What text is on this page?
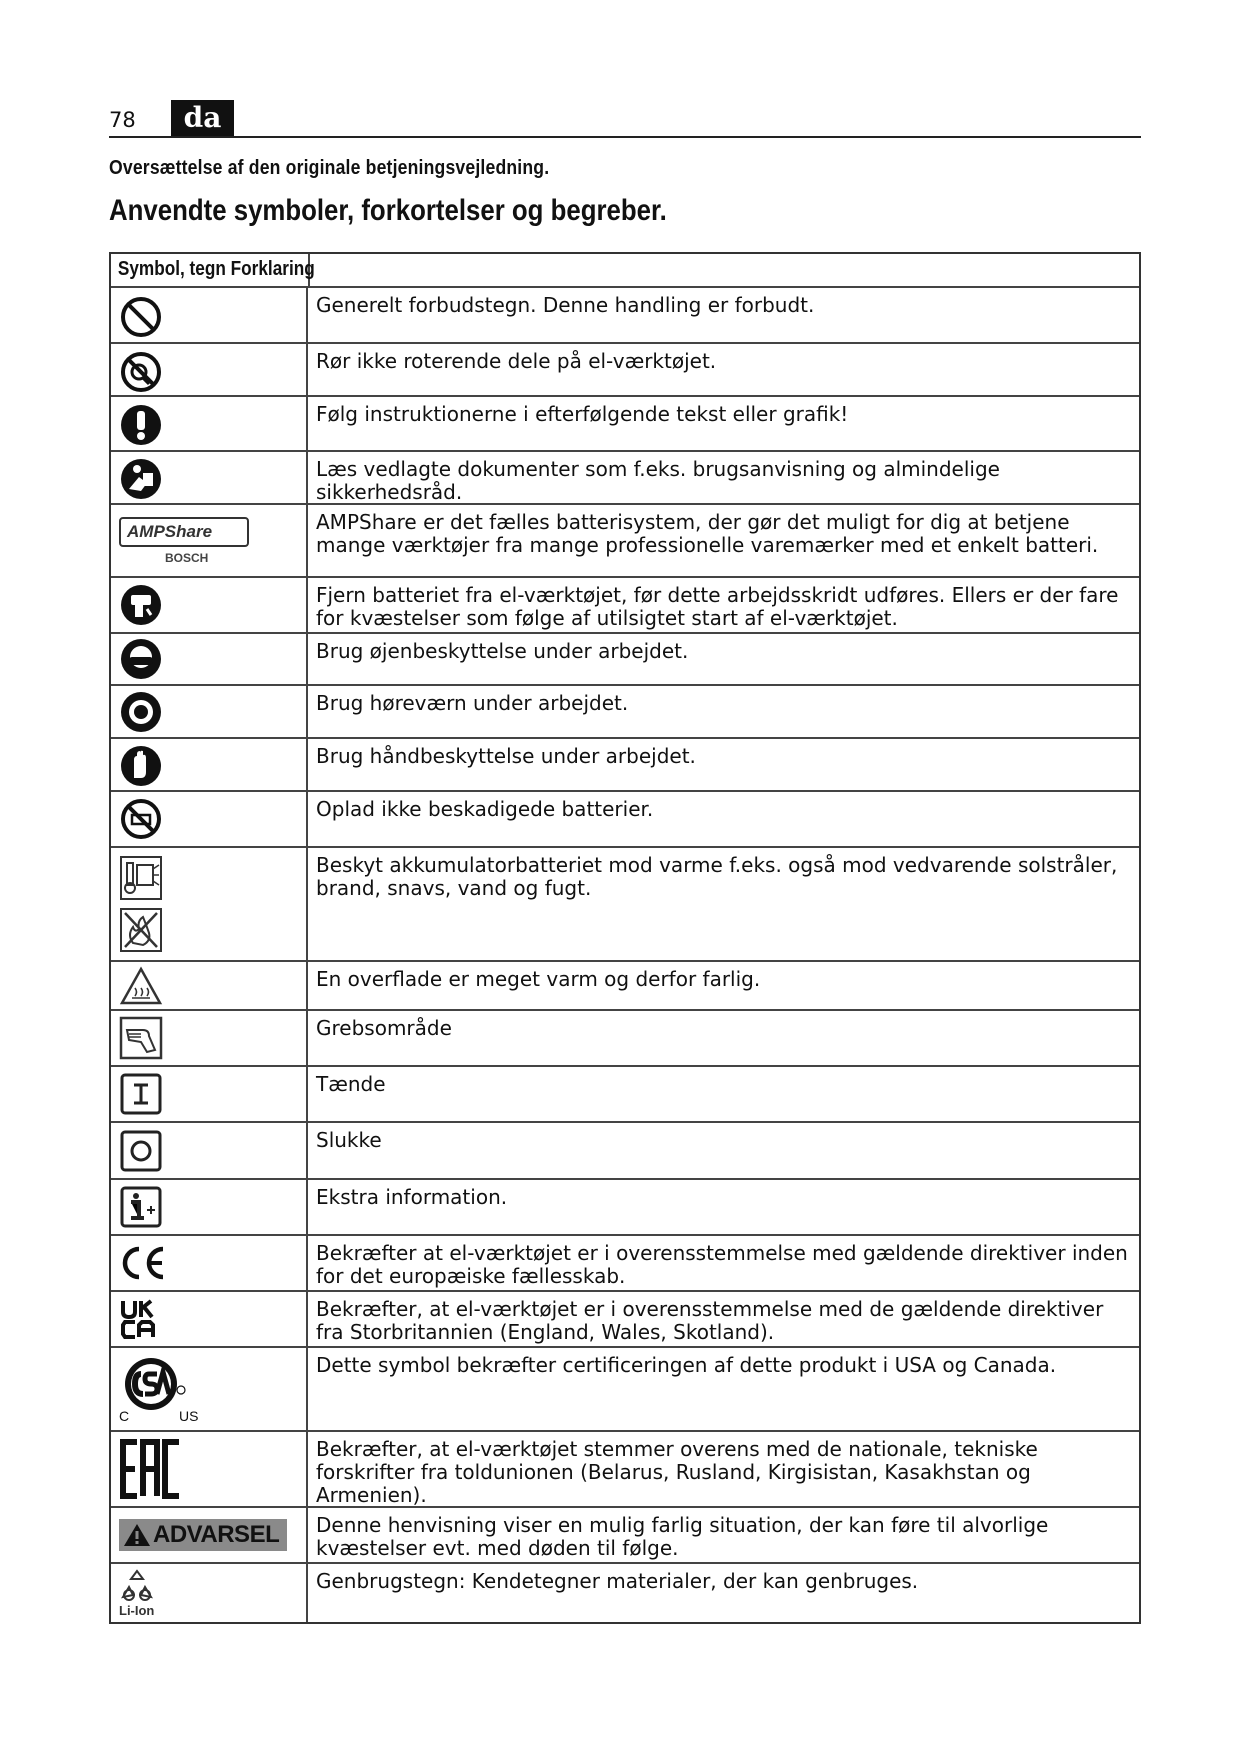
78	da
Oversættelse af den originale betjeningsvejledning.
Anvendte symboler, forkortelser og begreber.
Symbol, tegn Forklaring
Generelt forbudstegn. Denne handling er forbudt.
Rør ikke roterende dele på el-værktøjet.
Følg instruktionerne i efterfølgende tekst eller grafik!
Læs vedlagte dokumenter som f.eks. brugsanvisning og almindelige sikkerhedsråd.
AMPShare
BOSCH
AMPShare er det fælles batterisystem, der gør det muligt for dig at betjene mange værktøjer fra mange professionelle varemærker med et enkelt batteri.
Fjern batteriet fra el-værktøjet, før dette arbejdsskridt udføres. Ellers er der fare for kvæstelser som følge af utilsigtet start af el-værktøjet.
Brug øjenbeskyttelse under arbejdet.
Brug høreværn under arbejdet.
Brug håndbeskyttelse under arbejdet.
Oplad ikke beskadigede batterier.
Beskyt akkumulatorbatteriet mod varme f.eks. også mod vedvarende solstråler, brand, snavs, vand og fugt.
En overflade er meget varm og derfor farlig.
Grebsområde
Tænde
Slukke
Ekstra information.
Bekræfter at el-værktøjet er i overensstemmelse med gældende direktiver inden for det europæiske fællesskab.
Bekræfter, at el-værktøjet er i overensstemmelse med de gældende direktiver fra Storbritannien (England, Wales, Skotland).
C	US
Dette symbol bekræfter certificeringen af dette produkt i USA og Canada.
Bekræfter, at el-værktøjet stemmer overens med de nationale, tekniske forskrifter fra toldunionen (Belarus, Rusland, Kirgisistan, Kasakhstan og Armenien).
ADVARSEL	Denne henvisning viser en mulig farlig situation, der kan føre til alvorlige kvæstelser evt. med døden til følge.
Li-Ion
Genbrugstegn: Kendetegner materialer, der kan genbruges.
